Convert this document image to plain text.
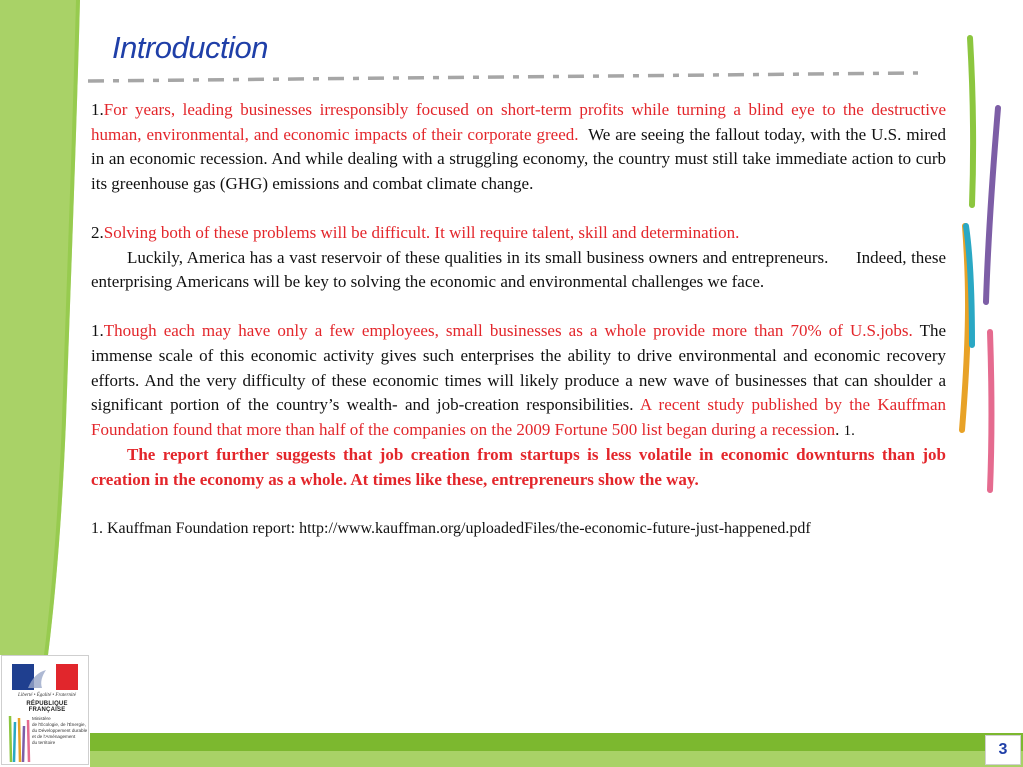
Introduction

1.For years, leading businesses irresponsibly focused on short-term profits while turning a blind eye to the destructive human, environmental, and economic impacts of their corporate greed. We are seeing the fallout today, with the U.S. mired in an economic recession. And while dealing with a struggling economy, the country must still take immediate action to curb its greenhouse gas (GHG) emissions and combat climate change.

2.Solving both of these problems will be difficult. It will require talent, skill and determination.
Luckily, America has a vast reservoir of these qualities in its small business owners and entrepreneurs. Indeed, these enterprising Americans will be key to solving the economic and environmental challenges we face.

1.Though each may have only a few employees, small businesses as a whole provide more than 70% of U.S.jobs. The immense scale of this economic activity gives such enterprises the ability to drive environmental and economic recovery efforts. And the very difficulty of these economic times will likely produce a new wave of businesses that can shoulder a significant portion of the country’s wealth- and job-creation responsibilities. A recent study published by the Kauffman Foundation found that more than half of the companies on the 2009 Fortune 500 list began during a recession. 1.

The report further suggests that job creation from startups is less volatile in economic downturns than job creation in the economy as a whole. At times like these, entrepreneurs show the way.

1. Kauffman Foundation report: http://www.kauffman.org/uploadedFiles/the-economic-future-just-happened.pdf

3
Liberté • Égalité • Fraternité
RÉPUBLIQUE FRANÇAISE
Ministère
de l'Écologie, de l'Énergie,
du Développement durable
et de l'Aménagement
du territoire
